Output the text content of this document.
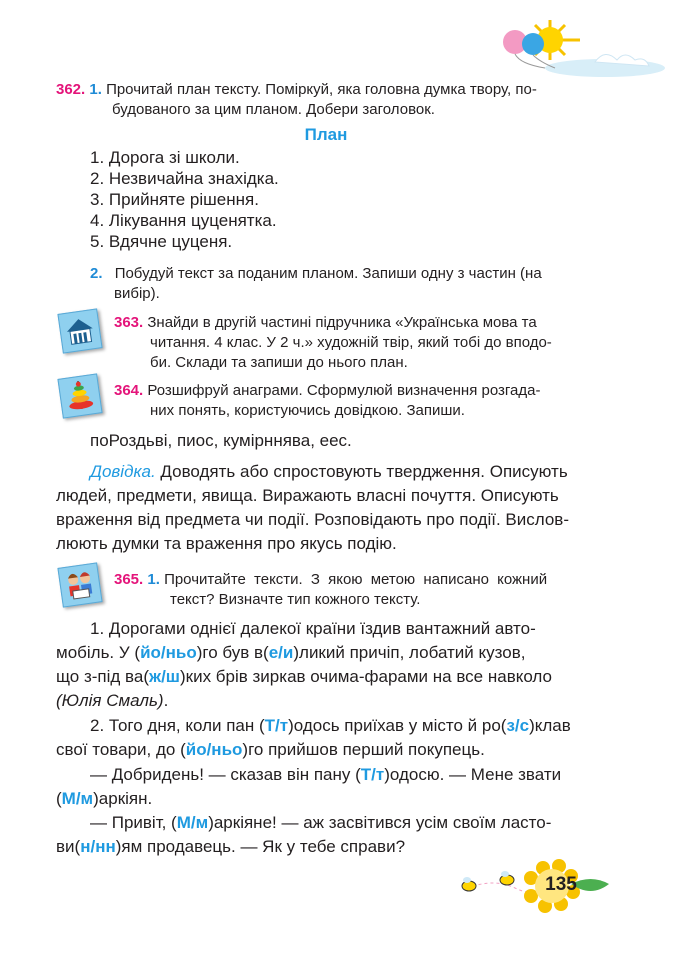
362. 1. Прочитай план тексту. Поміркуй, яка головна думка твору, по-
будованого за цим планом. Добери заголовок.
План
1. Дорога зі школи.
2. Незвичайна знахідка.
3. Прийняте рішення.
4. Лікування цуценятка.
5. Вдячне цуценя.
2. Побудуй текст за поданим планом. Запиши одну з частин (на
вибір).
363. Знайди в другій частині підручника «Українська мова та
читання. 4 клас. У 2 ч.» художній твір, який тобі до вподо-
би. Склади та запиши до нього план.
364. Розшифруй анаграми. Сформулюй визначення розгада-
них понять, користуючись довідкою. Запиши.
поРоздьві, пиос, кумірннява, еес.
Довідка. Доводять або спростовують твердження. Описують
людей, предмети, явища. Виражають власні почуття. Описують
враження від предмета чи події. Розповідають про події. Вислов-
люють думки та враження про якусь подію.
365. 1. Прочитайте тексти. З якою метою написано кожний
текст? Визначте тип кожного тексту.
1. Дорогами однієї далекої країни їздив вантажний авто-
мобіль. У (йо/ньо)го був в(е/и)ликий причіп, лобатий кузов,
що з-під ва(ж/ш)ких брів зиркав очима-фарами на все навколо
(Юлія Смаль).
2. Того дня, коли пан (Т/т)одось приїхав у місто й ро(з/с)клав
свої товари, до (йо/ньо)го прийшов перший покупець.
— Добридень! — сказав він пану (Т/т)одосю. — Мене звати
(М/м)аркіян.
— Привіт, (М/м)аркіяне! — аж засвітився усім своїм ласто-
ви(н/нн)ям продавець. — Як у тебе справи?
135
